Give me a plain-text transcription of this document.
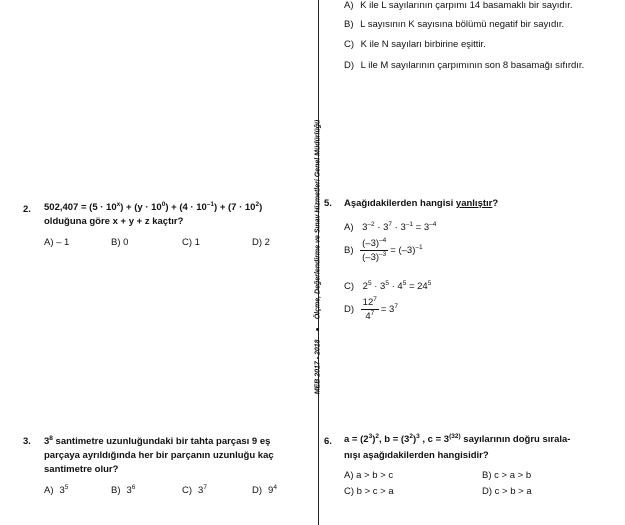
A) K ile L sayılarının çarpımı 14 basamaklı bir sayıdır.
B) L sayısının K sayısına bölümü negatif bir sayıdır.
C) K ile N sayıları birbirine eşittir.
D) L ile M sayılarının çarpımının son 8 basamağı sıfırdır.
MEB 2017 - 2018 ● Ölçme, Değerlendirme ve Sınav Hizmetleri Genel Müdürlüğü
2. $502,407 = (5 \cdot 10^x) + (y \cdot 10^0) + (4 \cdot 10^{-1}) + (7 \cdot 10^2)$
olduğuna göre x + y + z kaçtır?
A) – 1	B) 0	C) 1	D) 2
5. Aşağıdakilerden hangisi yanlıştır?
A) $3^{-2} \cdot 3^7 \cdot 3^{-1} = 3^{-4}$
$B) \frac{(-3)^{-4}}{(-3)^{-3}} = (-3)^{-1}$
C) $2^5 \cdot 3^5 \cdot 4^5 = 24^5$
$D) \frac{12^7}{4^7} = 3^7$
3. $3^8$ santimetre uzunluğundaki bir tahta parçası 9 eş
parçaya ayrıldığında her bir parçanın uzunluğu kaç
santimetre olur?
A) $3^5$	B) $3^6$	C) $3^7$	D) $9^4$
6. $a = (2^3)^2$, $b = (3^2)^3$ , $c = 3^{(32)}$ sayılarının doğru sırala-
nışı aşağıdakilerden hangisidir?
A) a > b > c	B) c > a > b
C) b > c > a	D) c > b > a
